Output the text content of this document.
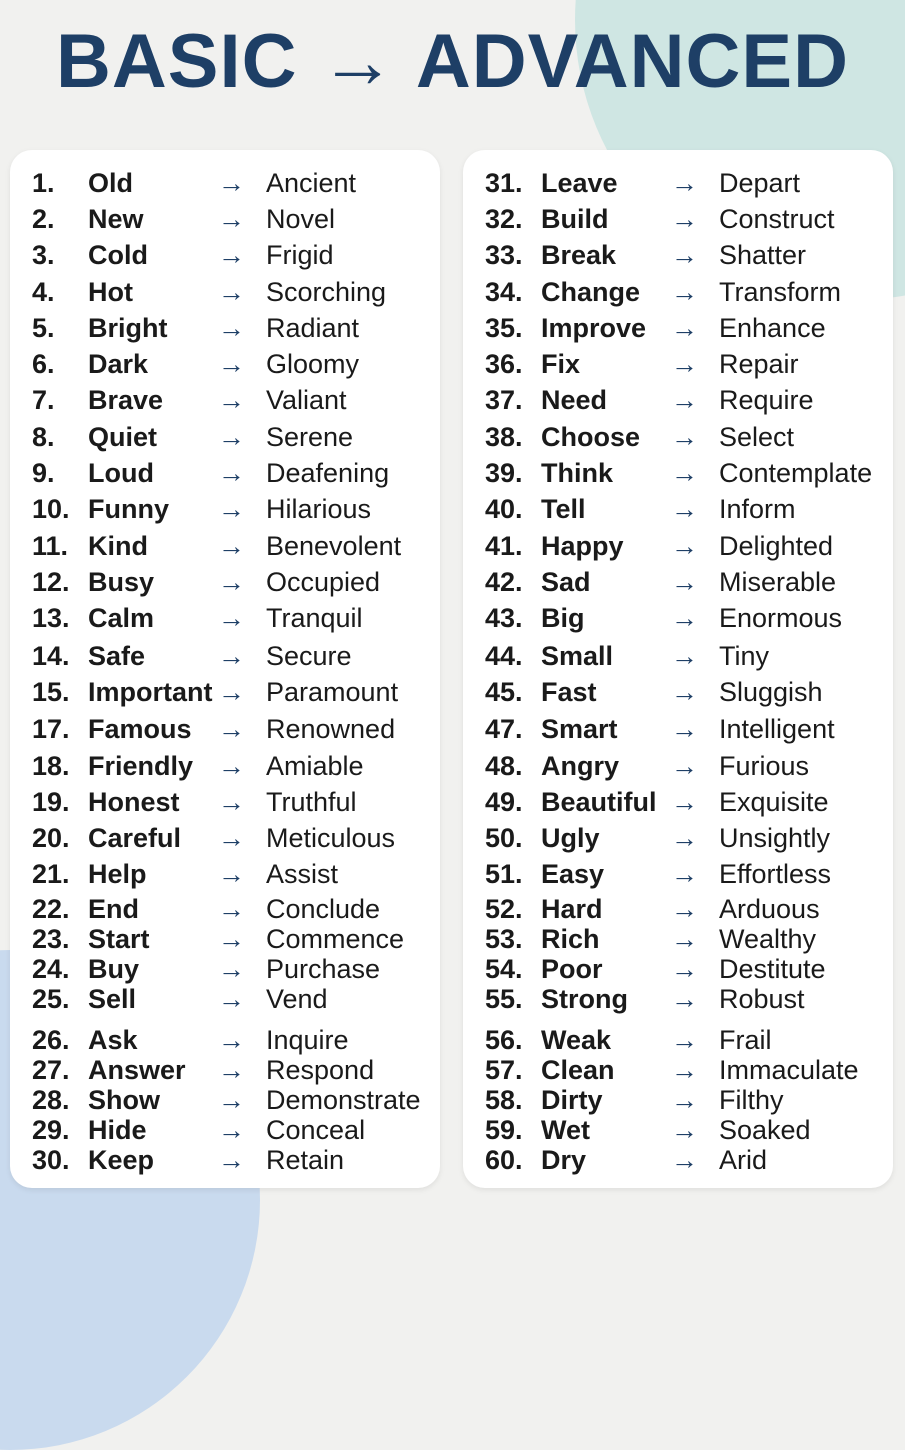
BASIC → ADVANCED
1. Old	→ Ancient
2. New	→ Novel
3. Cold	→ Frigid
4. Hot	→ Scorching
5. Bright → Radiant
6. Dark	→ Gloomy
7. Brave → Valiant
8. Quiet → Serene
9. Loud → Deafening
10. Funny → Hilarious
11. Kind	→ Benevolent
12. Busy → Occupied
13. Calm → Tranquil
14. Safe	→ Secure
15. Important → Paramount
17. Famous → Renowned
18. Friendly → Amiable
19. Honest → Truthful
20. Careful → Meticulous
21. Help	→ Assist
22. End	→ Conclude
23. Start	→ Commence
24. Buy	→ Purchase
25. Sell	→ Vend
26. Ask	→ Inquire
27. Answer → Respond
28. Show → Demonstrate
29. Hide	→ Conceal
30. Keep → Retain
31. Leave → Depart
32. Build → Construct
33. Break → Shatter
34. Change → Transform
35. Improve → Enhance
36. Fix	→ Repair
37. Need → Require
38. Choose → Select
39. Think → Contemplate
40. Tell	→ Inform
41. Happy → Delighted
42. Sad	→ Miserable
43. Big	→ Enormous
44. Small → Tiny
45. Fast	→ Sluggish
47. Smart → Intelligent
48. Angry → Furious
49. Beautiful → Exquisite
50. Ugly	→ Unsightly
51. Easy → Effortless
52. Hard	→ Arduous
53. Rich	→ Wealthy
54. Poor	→ Destitute
55. Strong → Robust
56. Weak → Frail
57. Clean → Immaculate
58. Dirty	→ Filthy
59. Wet	→ Soaked
60. Dry	→ Arid
